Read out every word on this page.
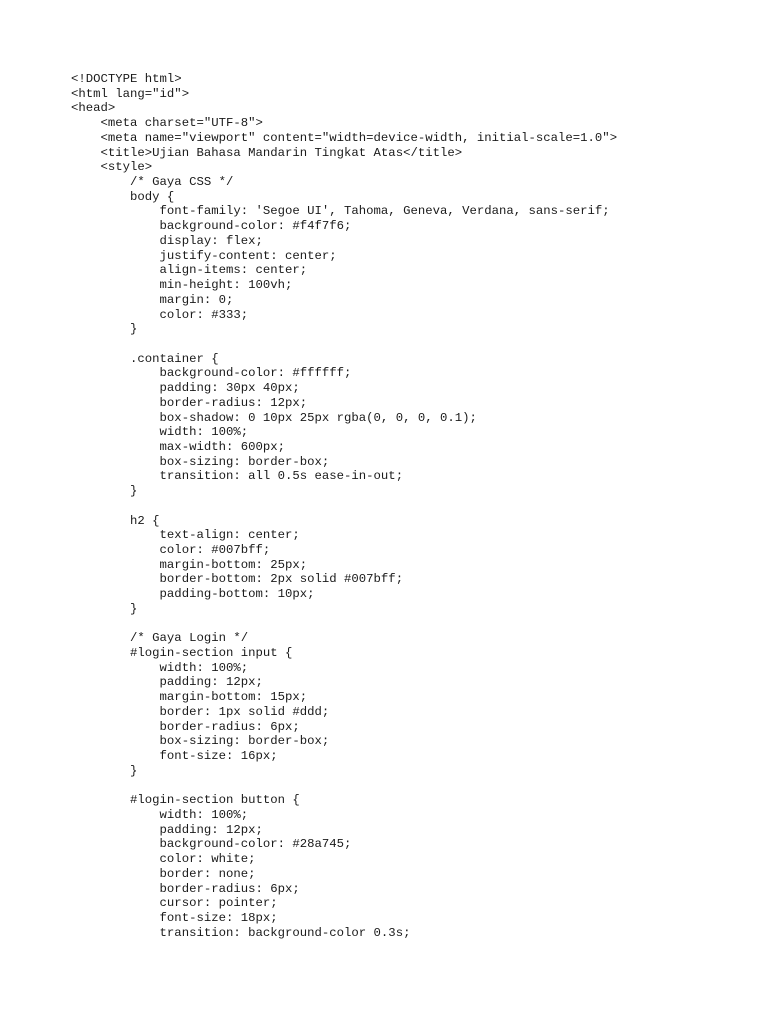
<!DOCTYPE html>
<html lang="id">
<head>
<meta charset="UTF-8">
<meta name="viewport" content="width=device-width, initial-scale=1.0">
<title>Ujian Bahasa Mandarin Tingkat Atas</title>
<style>
/* Gaya CSS */
body {
font-family: 'Segoe UI', Tahoma, Geneva, Verdana, sans-serif;
background-color: #f4f7f6;
display: flex;
justify-content: center;
align-items: center;
min-height: 100vh;
margin: 0;
color: #333;
}
.container {
background-color: #ffffff;
padding: 30px 40px;
border-radius: 12px;
box-shadow: 0 10px 25px rgba(0, 0, 0, 0.1);
width: 100%;
max-width: 600px;
box-sizing: border-box;
transition: all 0.5s ease-in-out;
}
h2 {
text-align: center;
color: #007bff;
margin-bottom: 25px;
border-bottom: 2px solid #007bff;
padding-bottom: 10px;
}
/* Gaya Login */
#login-section input {
width: 100%;
padding: 12px;
margin-bottom: 15px;
border: 1px solid #ddd;
border-radius: 6px;
box-sizing: border-box;
font-size: 16px;
}
#login-section button {
width: 100%;
padding: 12px;
background-color: #28a745;
color: white;
border: none;
border-radius: 6px;
cursor: pointer;
font-size: 18px;
transition: background-color 0.3s;
